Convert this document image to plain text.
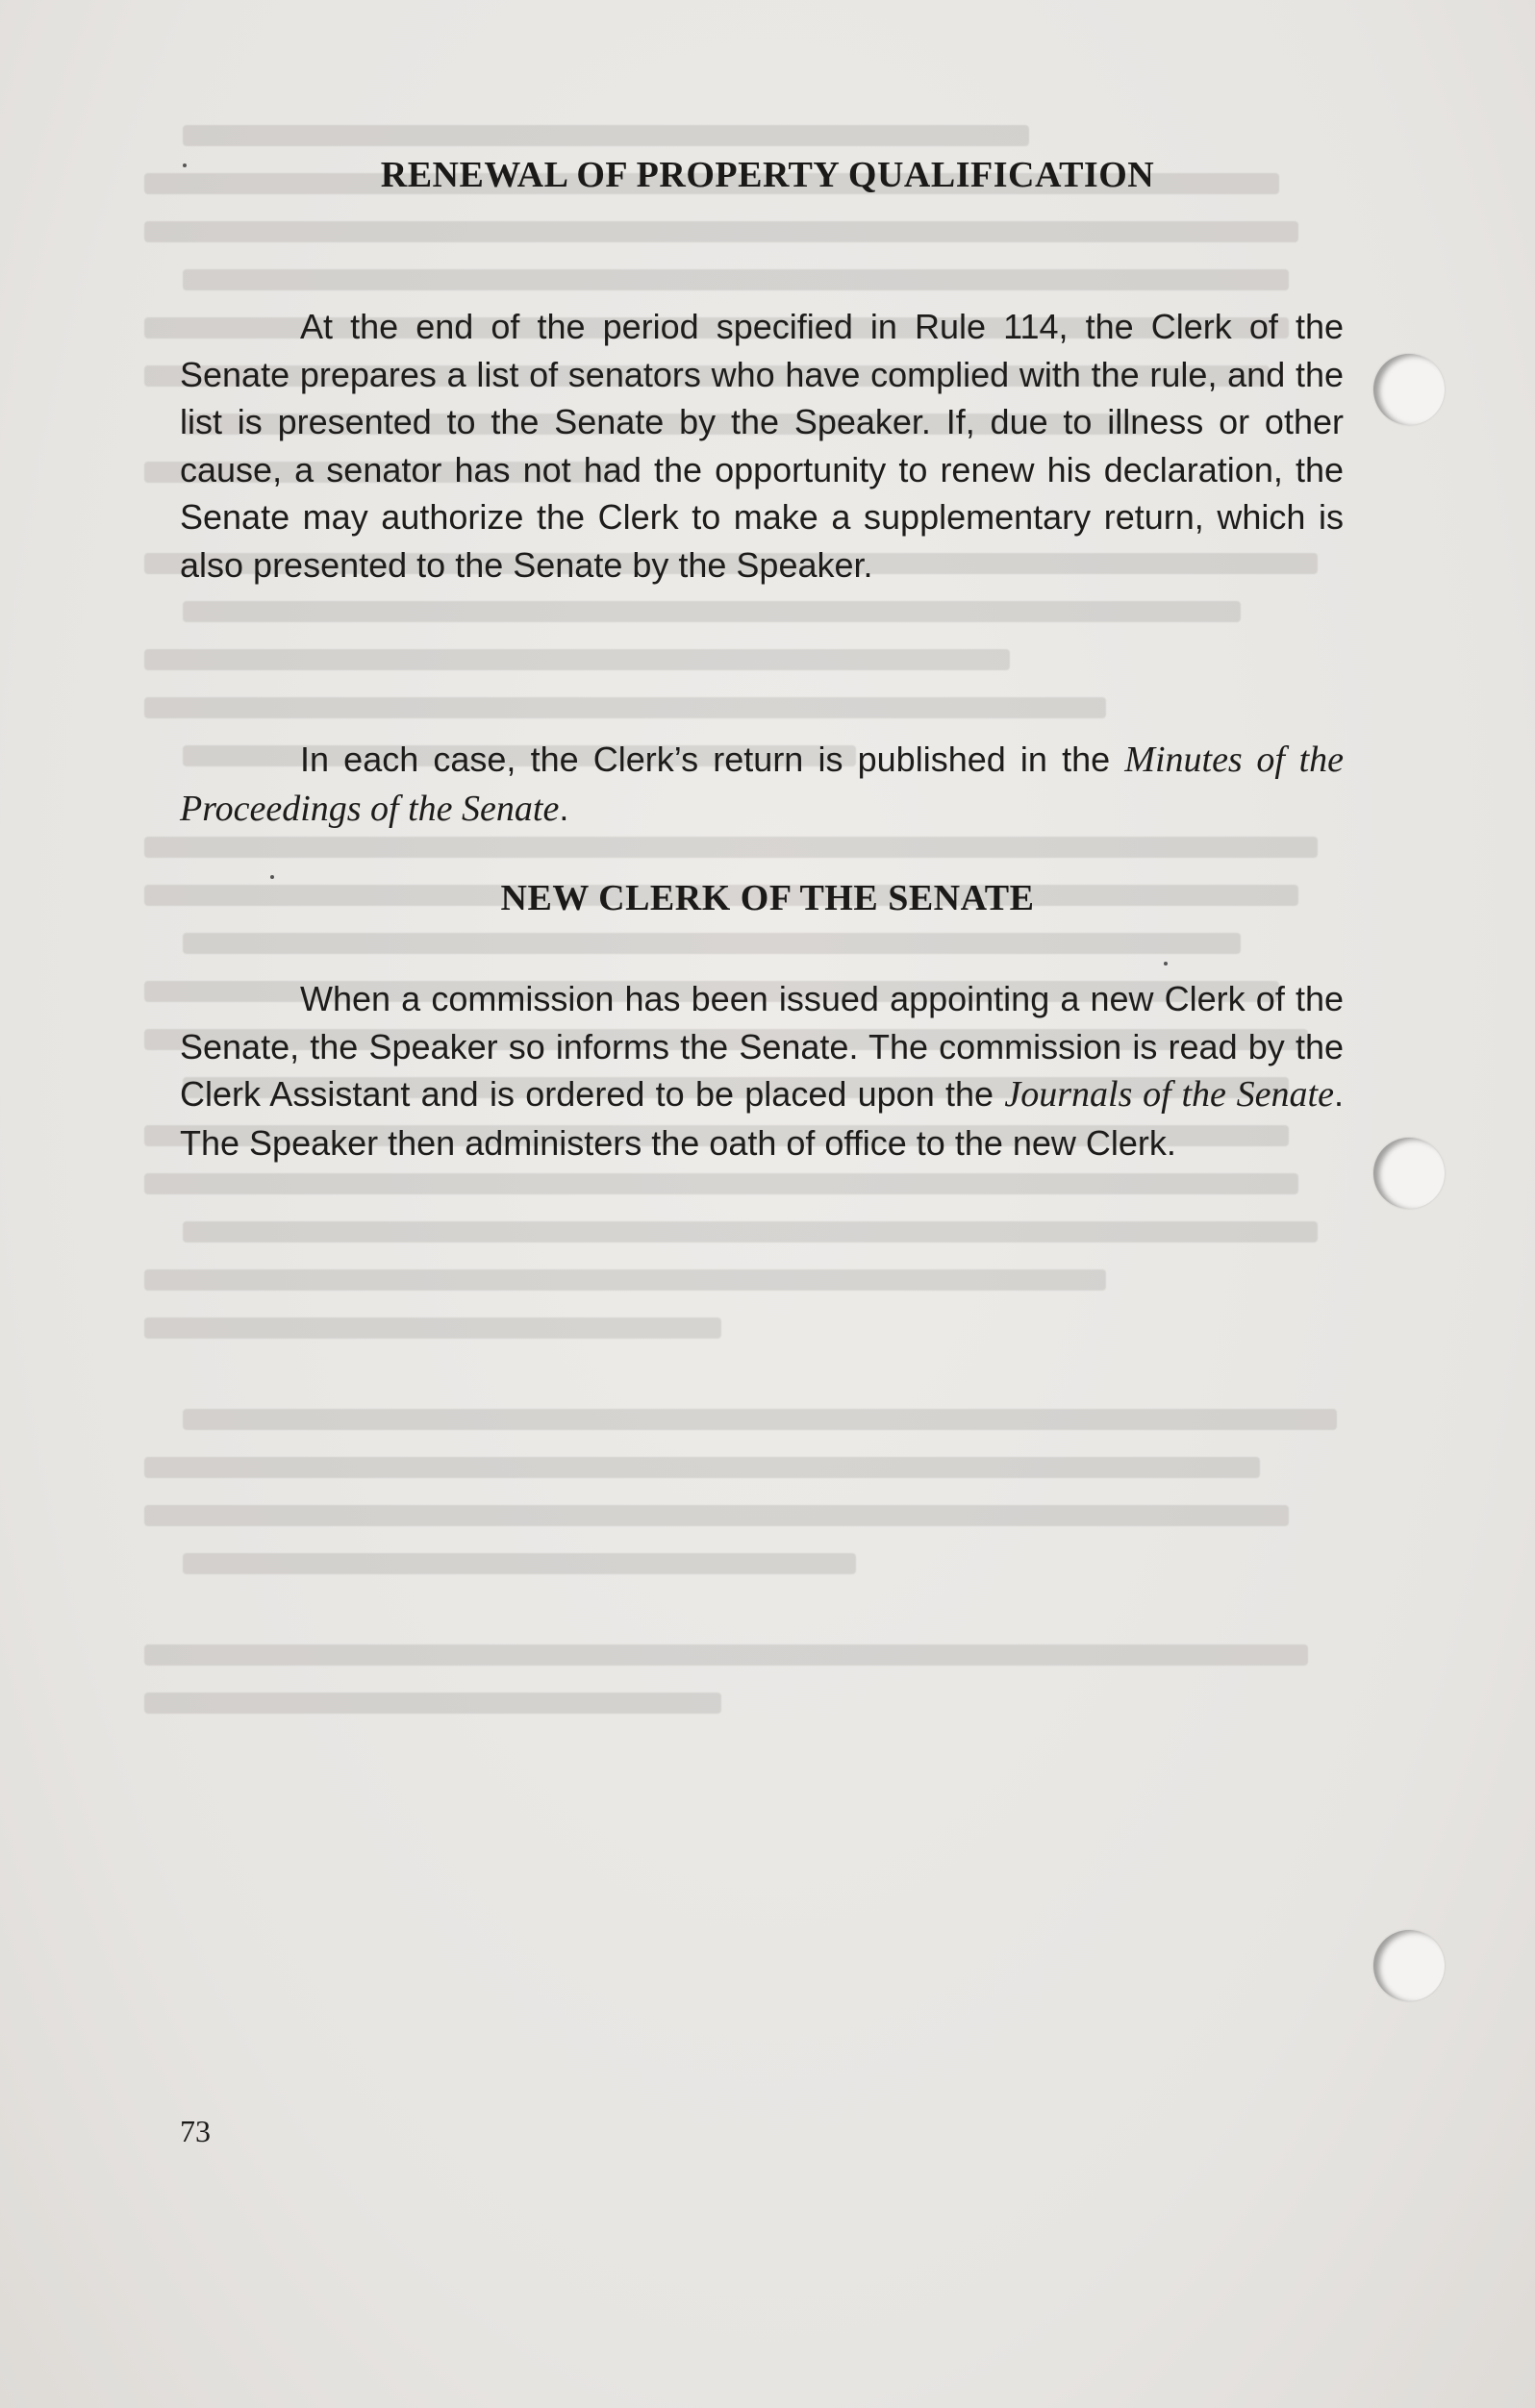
RENEWAL OF PROPERTY QUALIFICATION

At the end of the period specified in Rule 114, the Clerk of the Senate prepares a list of senators who have complied with the rule, and the list is presented to the Senate by the Speaker. If, due to illness or other cause, a senator has not had the opportunity to renew his declaration, the Senate may authorize the Clerk to make a supplementary return, which is also presented to the Senate by the Speaker.

In each case, the Clerk’s return is published in the Minutes of the Proceedings of the Senate.

NEW CLERK OF THE SENATE

When a commission has been issued appointing a new Clerk of the Senate, the Speaker so informs the Senate. The commission is read by the Clerk Assistant and is ordered to be placed upon the Journals of the Senate. The Speaker then administers the oath of office to the new Clerk.

73
